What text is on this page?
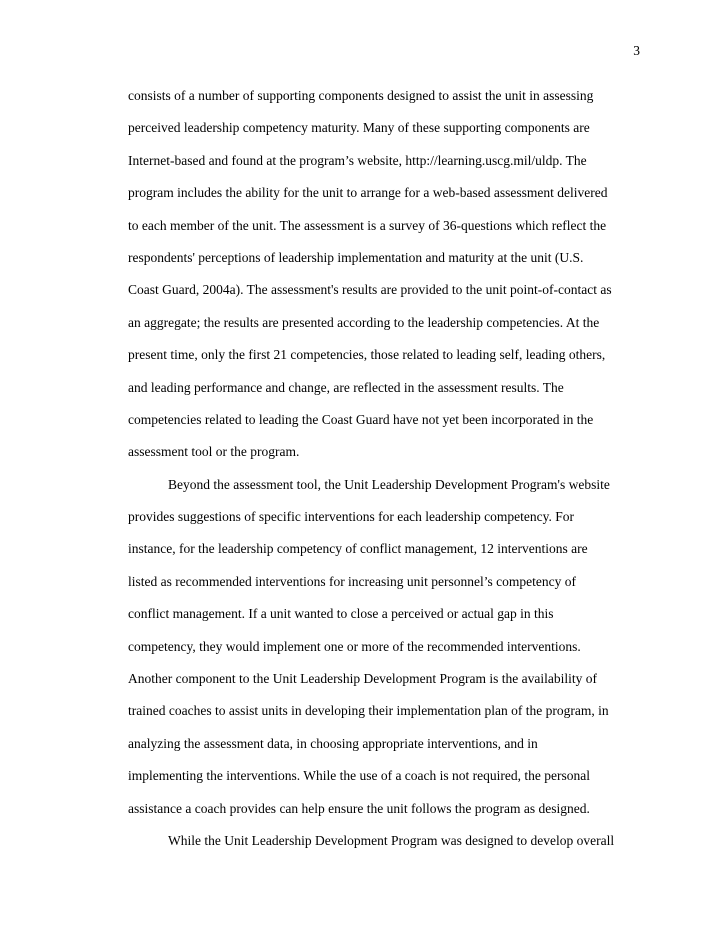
3
consists of a number of supporting components designed to assist the unit in assessing
perceived leadership competency maturity. Many of these supporting components are
Internet-based and found at the program’s website, http://learning.uscg.mil/uldp. The
program includes the ability for the unit to arrange for a web-based assessment delivered
to each member of the unit. The assessment is a survey of 36-questions which reflect the
respondents' perceptions of leadership implementation and maturity at the unit (U.S.
Coast Guard, 2004a). The assessment's results are provided to the unit point-of-contact as
an aggregate; the results are presented according to the leadership competencies. At the
present time, only the first 21 competencies, those related to leading self, leading others,
and leading performance and change, are reflected in the assessment results. The
competencies related to leading the Coast Guard have not yet been incorporated in the
assessment tool or the program.
Beyond the assessment tool, the Unit Leadership Development Program's website
provides suggestions of specific interventions for each leadership competency. For
instance, for the leadership competency of conflict management, 12 interventions are
listed as recommended interventions for increasing unit personnel’s competency of
conflict management. If a unit wanted to close a perceived or actual gap in this
competency, they would implement one or more of the recommended interventions.
Another component to the Unit Leadership Development Program is the availability of
trained coaches to assist units in developing their implementation plan of the program, in
analyzing the assessment data, in choosing appropriate interventions, and in
implementing the interventions. While the use of a coach is not required, the personal
assistance a coach provides can help ensure the unit follows the program as designed.
While the Unit Leadership Development Program was designed to develop overall
